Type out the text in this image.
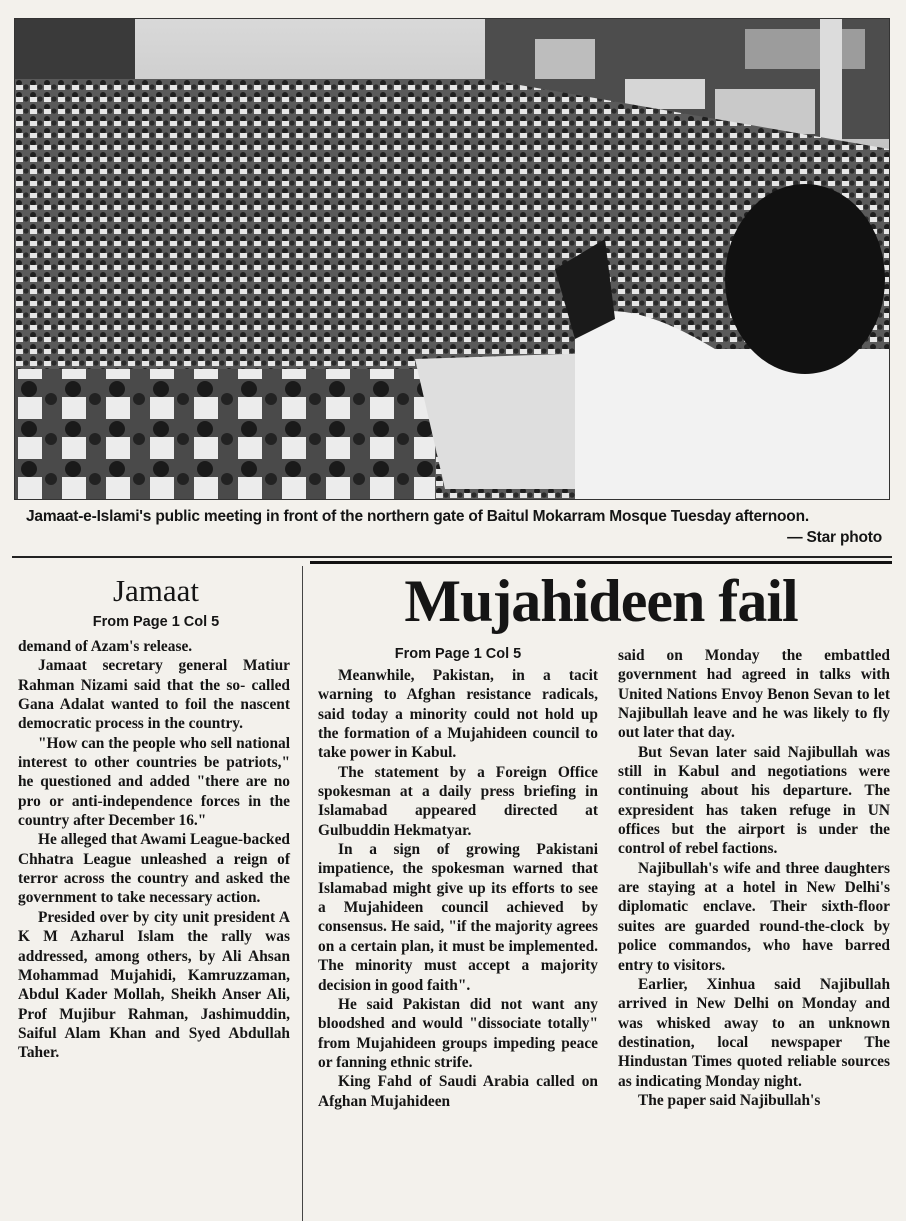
Jamaat-e-Islami's public meeting in front of the northern gate of Baitul Mokarram Mosque Tuesday afternoon.
— Star photo
Jamaat
From Page 1 Col 5

demand of Azam's release.

Jamaat secretary general Matiur Rahman Nizami said that the so- called Gana Adalat wanted to foil the nascent democratic process in the country.

"How can the people who sell national interest to other countries be patriots," he questioned and added "there are no pro or anti-independence forces in the country after December 16."

He alleged that Awami League-backed Chhatra League unleashed a reign of terror across the country and asked the government to take necessary action.

Presided over by city unit president A K M Azharul Islam the rally was addressed, among others, by Ali Ahsan Mohammad Mujahidi, Kamruzzaman, Abdul Kader Mollah, Sheikh Anser Ali, Prof Mujibur Rahman, Jashimuddin, Saiful Alam Khan and Syed Abdullah Taher.

Mujahideen fail
From Page 1 Col 5

Meanwhile, Pakistan, in a tacit warning to Afghan resistance radicals, said today a minority could not hold up the formation of a Mujahideen council to take power in Kabul.

The statement by a Foreign Office spokesman at a daily press briefing in Islamabad appeared directed at Gulbuddin Hekmatyar.

In a sign of growing Pakistani impatience, the spokesman warned that Islamabad might give up its efforts to see a Mujahideen council achieved by consensus. He said, "if the majority agrees on a certain plan, it must be implemented. The minority must accept a majority decision in good faith".

He said Pakistan did not want any bloodshed and would "dissociate totally" from Mujahideen groups impeding peace or fanning ethnic strife.

King Fahd of Saudi Arabia called on Afghan Mujahideen

said on Monday the embattled government had agreed in talks with United Nations Envoy Benon Sevan to let Najibullah leave and he was likely to fly out later that day.

But Sevan later said Najibullah was still in Kabul and negotiations were continuing about his departure. The expresident has taken refuge in UN offices but the airport is under the control of rebel factions.

Najibullah's wife and three daughters are staying at a hotel in New Delhi's diplomatic enclave. Their sixth-floor suites are guarded round-the-clock by police commandos, who have barred entry to visitors.

Earlier, Xinhua said Najibullah arrived in New Delhi on Monday and was whisked away to an unknown destination, local newspaper The Hindustan Times quoted reliable sources as indicating Monday night.

The paper said Najibullah's
